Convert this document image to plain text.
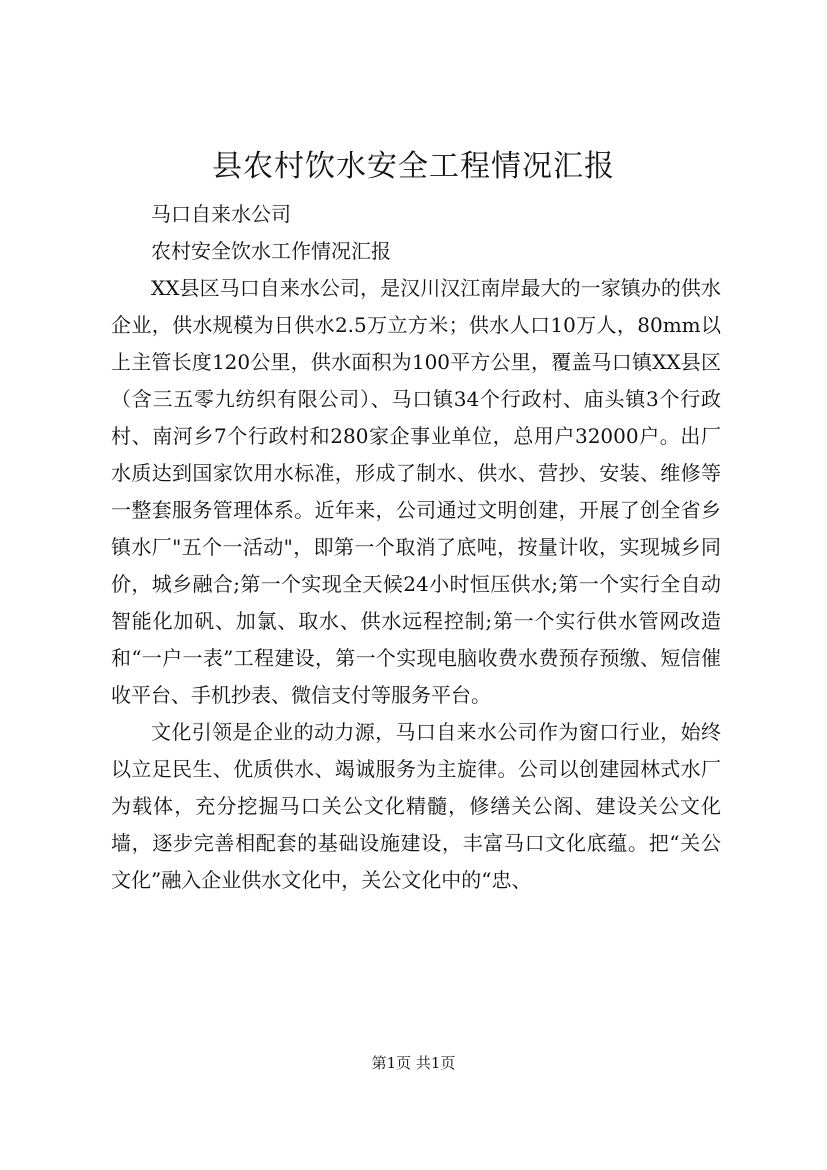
县农村饮水安全工程情况汇报

马口自来水公司

农村安全饮水工作情况汇报

XX县区马口自来水公司，是汉川汉江南岸最大的一家镇办的供水企业，供水规模为日供水2.5万立方米；供水人口10万人，80mm以上主管长度120公里，供水面积为100平方公里，覆盖马口镇XX县区（含三五零九纺织有限公司）、马口镇34个行政村、庙头镇3个行政村、南河乡7个行政村和280家企事业单位，总用户32000户。出厂水质达到国家饮用水标准，形成了制水、供水、营抄、安装、维修等一整套服务管理体系。近年来，公司通过文明创建，开展了创全省乡镇水厂"五个一活动"，即第一个取消了底吨，按量计收，实现城乡同价，城乡融合;第一个实现全天候24小时恒压供水;第一个实行全自动智能化加矾、加氯、取水、供水远程控制;第一个实行供水管网改造和“一户一表”工程建设，第一个实现电脑收费水费预存预缴、短信催收平台、手机抄表、微信支付等服务平台。

文化引领是企业的动力源，马口自来水公司作为窗口行业，始终以立足民生、优质供水、竭诚服务为主旋律。公司以创建园林式水厂为载体，充分挖掘马口关公文化精髓，修缮关公阁、建设关公文化墙，逐步完善相配套的基础设施建设，丰富马口文化底蕴。把“关公文化”融入企业供水文化中，关公文化中的“忠、

第1页 共1页
